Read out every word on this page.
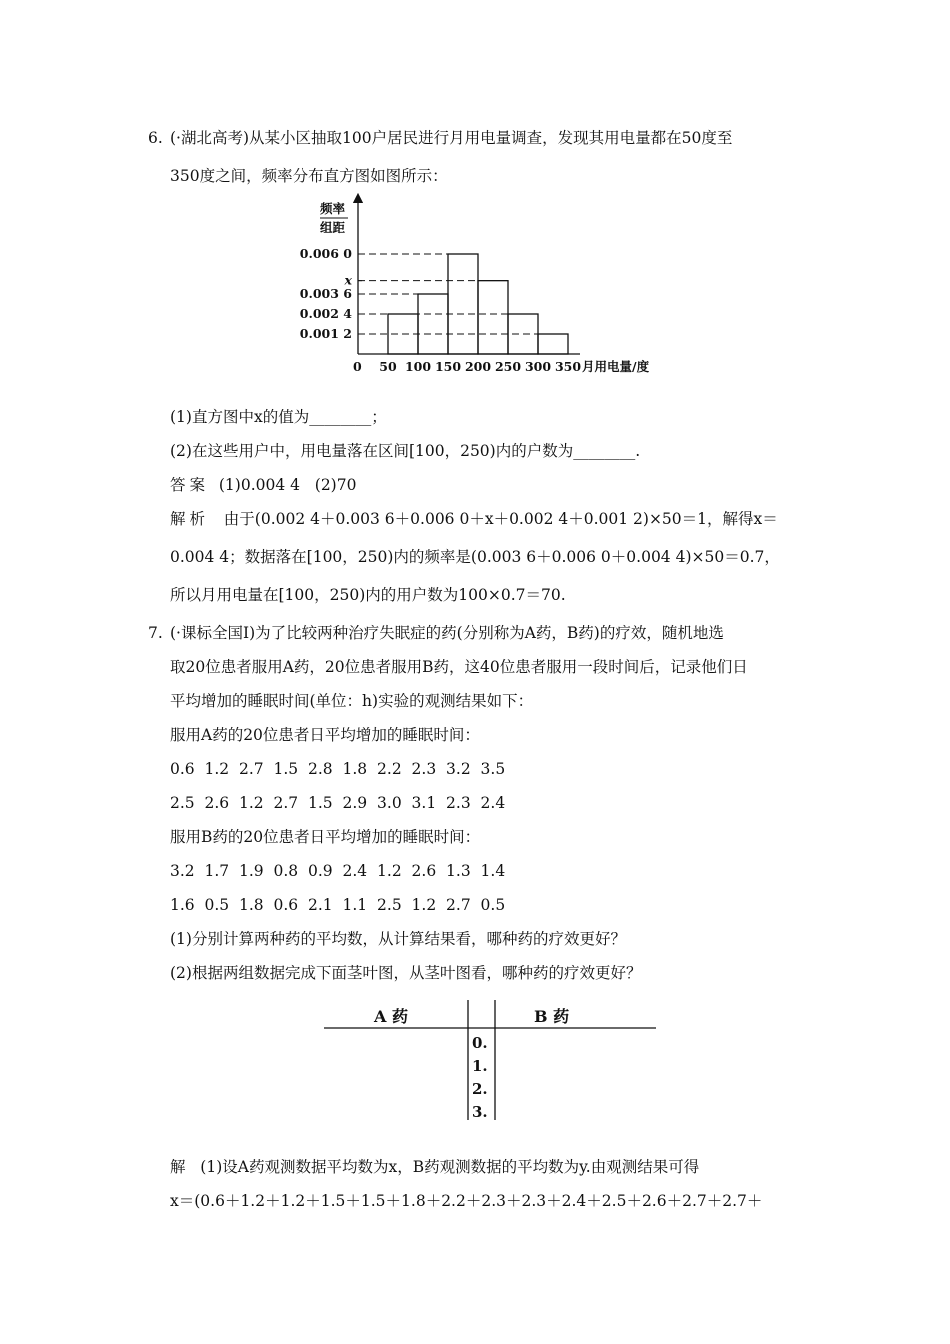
6. (·湖北高考)从某小区抽取100户居民进行月用电量调查，发现其用电量都在50度至
350度之间，频率分布直方图如图所示：
频率
组距
0	月用电量/度
0.006 0
x
0.003 6
0.002 4
0.001 2
50 100 150 200 250 300 350
(1)直方图中x的值为________；
(2)在这些用户中，用电量落在区间[100，250)内的户数为________.
答案 (1)0.004 4   (2)70
解析 由于(0.002 4＋0.003 6＋0.006 0＋x＋0.002 4＋0.001 2)×50＝1，解得x＝
0.004 4；数据落在[100，250)内的频率是(0.003 6＋0.006 0＋0.004 4)×50＝0.7，
所以月用电量在[100，250)内的用户数为100×0.7＝70.
7. (·课标全国Ⅰ)为了比较两种治疗失眠症的药(分别称为A药，B药)的疗效，随机地选
取20位患者服用A药，20位患者服用B药，这40位患者服用一段时间后，记录他们日
平均增加的睡眠时间(单位：h)实验的观测结果如下：
服用A药的20位患者日平均增加的睡眠时间：
0.6  1.2  2.7  1.5  2.8  1.8  2.2  2.3  3.2  3.5
2.5  2.6  1.2  2.7  1.5  2.9  3.0  3.1  2.3  2.4
服用B药的20位患者日平均增加的睡眠时间：
3.2  1.7  1.9  0.8  0.9  2.4  1.2  2.6  1.3  1.4
1.6  0.5  1.8  0.6  2.1  1.1  2.5  1.2  2.7  0.5
(1)分别计算两种药的平均数，从计算结果看，哪种药的疗效更好？
(2)根据两组数据完成下面茎叶图，从茎叶图看，哪种药的疗效更好？
A 药	B 药
0.
1.
2.
3.
解 (1)设A药观测数据平均数为x，B药观测数据的平均数为y.由观测结果可得
x＝(0.6＋1.2＋1.2＋1.5＋1.5＋1.8＋2.2＋2.3＋2.3＋2.4＋2.5＋2.6＋2.7＋2.7＋
